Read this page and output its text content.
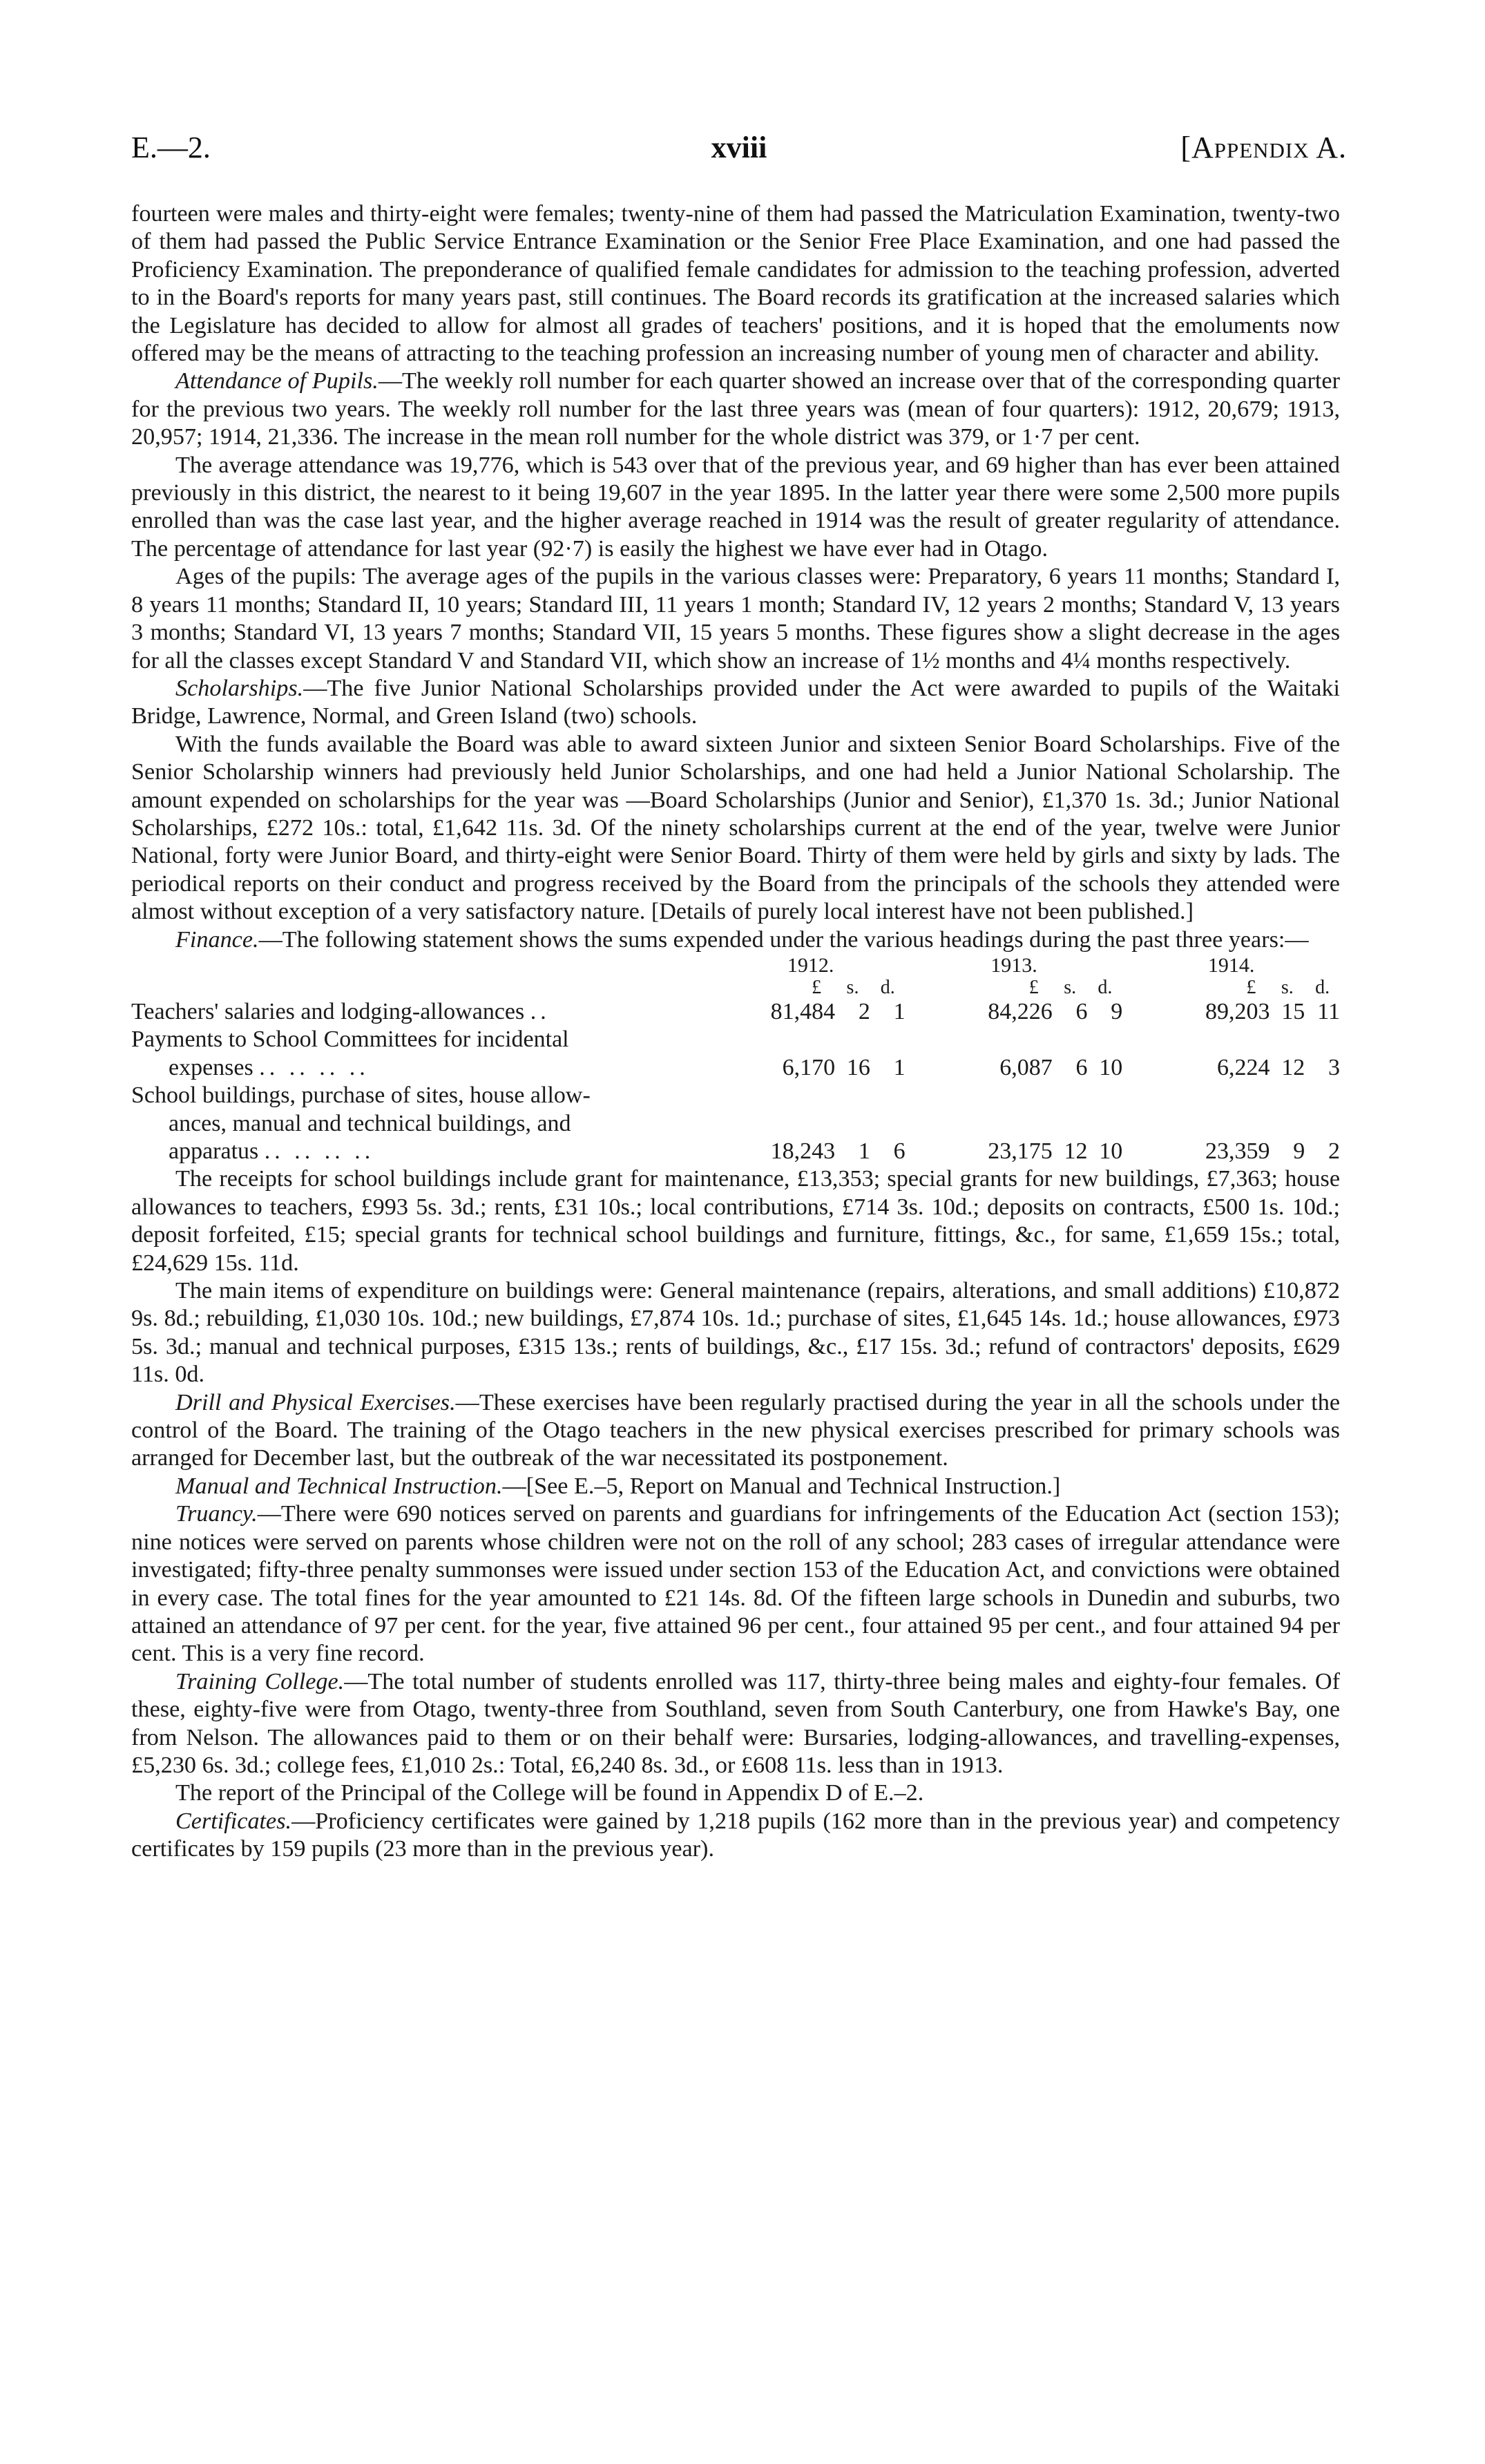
E.—2.	xviii	[Appendix A.

fourteen were males and thirty-eight were females; twenty-nine of them had passed the Matriculation Examination, twenty-two of them had passed the Public Service Entrance Examination or the Senior Free Place Examination, and one had passed the Proficiency Examination. The preponderance of qualified female candidates for admission to the teaching profession, adverted to in the Board's reports for many years past, still continues. The Board records its gratification at the increased salaries which the Legislature has decided to allow for almost all grades of teachers' positions, and it is hoped that the emoluments now offered may be the means of attracting to the teaching profession an increasing number of young men of character and ability.

Attendance of Pupils.—The weekly roll number for each quarter showed an increase over that of the corresponding quarter for the previous two years. The weekly roll number for the last three years was (mean of four quarters): 1912, 20,679; 1913, 20,957; 1914, 21,336. The increase in the mean roll number for the whole district was 379, or 1·7 per cent.

The average attendance was 19,776, which is 543 over that of the previous year, and 69 higher than has ever been attained previously in this district, the nearest to it being 19,607 in the year 1895. In the latter year there were some 2,500 more pupils enrolled than was the case last year, and the higher average reached in 1914 was the result of greater regularity of attendance. The percentage of attendance for last year (92·7) is easily the highest we have ever had in Otago.

Ages of the pupils: The average ages of the pupils in the various classes were: Preparatory, 6 years 11 months; Standard I, 8 years 11 months; Standard II, 10 years; Standard III, 11 years 1 month; Standard IV, 12 years 2 months; Standard V, 13 years 3 months; Standard VI, 13 years 7 months; Standard VII, 15 years 5 months. These figures show a slight decrease in the ages for all the classes except Standard V and Standard VII, which show an increase of 1½ months and 4¼ months respectively.

Scholarships.—The five Junior National Scholarships provided under the Act were awarded to pupils of the Waitaki Bridge, Lawrence, Normal, and Green Island (two) schools.

With the funds available the Board was able to award sixteen Junior and sixteen Senior Board Scholarships. Five of the Senior Scholarship winners had previously held Junior Scholarships, and one had held a Junior National Scholarship. The amount expended on scholarships for the year was —Board Scholarships (Junior and Senior), £1,370 1s. 3d.; Junior National Scholarships, £272 10s.: total, £1,642 11s. 3d. Of the ninety scholarships current at the end of the year, twelve were Junior National, forty were Junior Board, and thirty-eight were Senior Board. Thirty of them were held by girls and sixty by lads. The periodical reports on their conduct and progress received by the Board from the principals of the schools they attended were almost without exception of a very satisfactory nature. [Details of purely local interest have not been published.]

Finance.—The following statement shows the sums expended under the various headings during the past three years:—

	1912.			1913.			1914.		
	£	s.	d.	£	s.	d.	£	s.	d.
Teachers' salaries and lodging-allowances ..	81,484	2	1	84,226	6	9	89,203	15	11
Payments to School Committees for incidental									
expenses .. .. .. ..	6,170	16	1	6,087	6	10	6,224	12	3
School buildings, purchase of sites, house allow-									
ances, manual and technical buildings, and									
apparatus .. .. .. ..	18,243	1	6	23,175	12	10	23,359	9	2

The receipts for school buildings include grant for maintenance, £13,353; special grants for new buildings, £7,363; house allowances to teachers, £993 5s. 3d.; rents, £31 10s.; local contributions, £714 3s. 10d.; deposits on contracts, £500 1s. 10d.; deposit forfeited, £15; special grants for technical school buildings and furniture, fittings, &c., for same, £1,659 15s.; total, £24,629 15s. 11d.

The main items of expenditure on buildings were: General maintenance (repairs, alterations, and small additions) £10,872 9s. 8d.; rebuilding, £1,030 10s. 10d.; new buildings, £7,874 10s. 1d.; purchase of sites, £1,645 14s. 1d.; house allowances, £973 5s. 3d.; manual and technical purposes, £315 13s.; rents of buildings, &c., £17 15s. 3d.; refund of contractors' deposits, £629 11s. 0d.

Drill and Physical Exercises.—These exercises have been regularly practised during the year in all the schools under the control of the Board. The training of the Otago teachers in the new physical exercises prescribed for primary schools was arranged for December last, but the outbreak of the war necessitated its postponement.

Manual and Technical Instruction.—[See E.–5, Report on Manual and Technical Instruction.]

Truancy.—There were 690 notices served on parents and guardians for infringements of the Education Act (section 153); nine notices were served on parents whose children were not on the roll of any school; 283 cases of irregular attendance were investigated; fifty-three penalty summonses were issued under section 153 of the Education Act, and convictions were obtained in every case. The total fines for the year amounted to £21 14s. 8d. Of the fifteen large schools in Dunedin and suburbs, two attained an attendance of 97 per cent. for the year, five attained 96 per cent., four attained 95 per cent., and four attained 94 per cent. This is a very fine record.

Training College.—The total number of students enrolled was 117, thirty-three being males and eighty-four females. Of these, eighty-five were from Otago, twenty-three from Southland, seven from South Canterbury, one from Hawke's Bay, one from Nelson. The allowances paid to them or on their behalf were: Bursaries, lodging-allowances, and travelling-expenses, £5,230 6s. 3d.; college fees, £1,010 2s.: Total, £6,240 8s. 3d., or £608 11s. less than in 1913.

The report of the Principal of the College will be found in Appendix D of E.–2.

Certificates.—Proficiency certificates were gained by 1,218 pupils (162 more than in the previous year) and competency certificates by 159 pupils (23 more than in the previous year).
